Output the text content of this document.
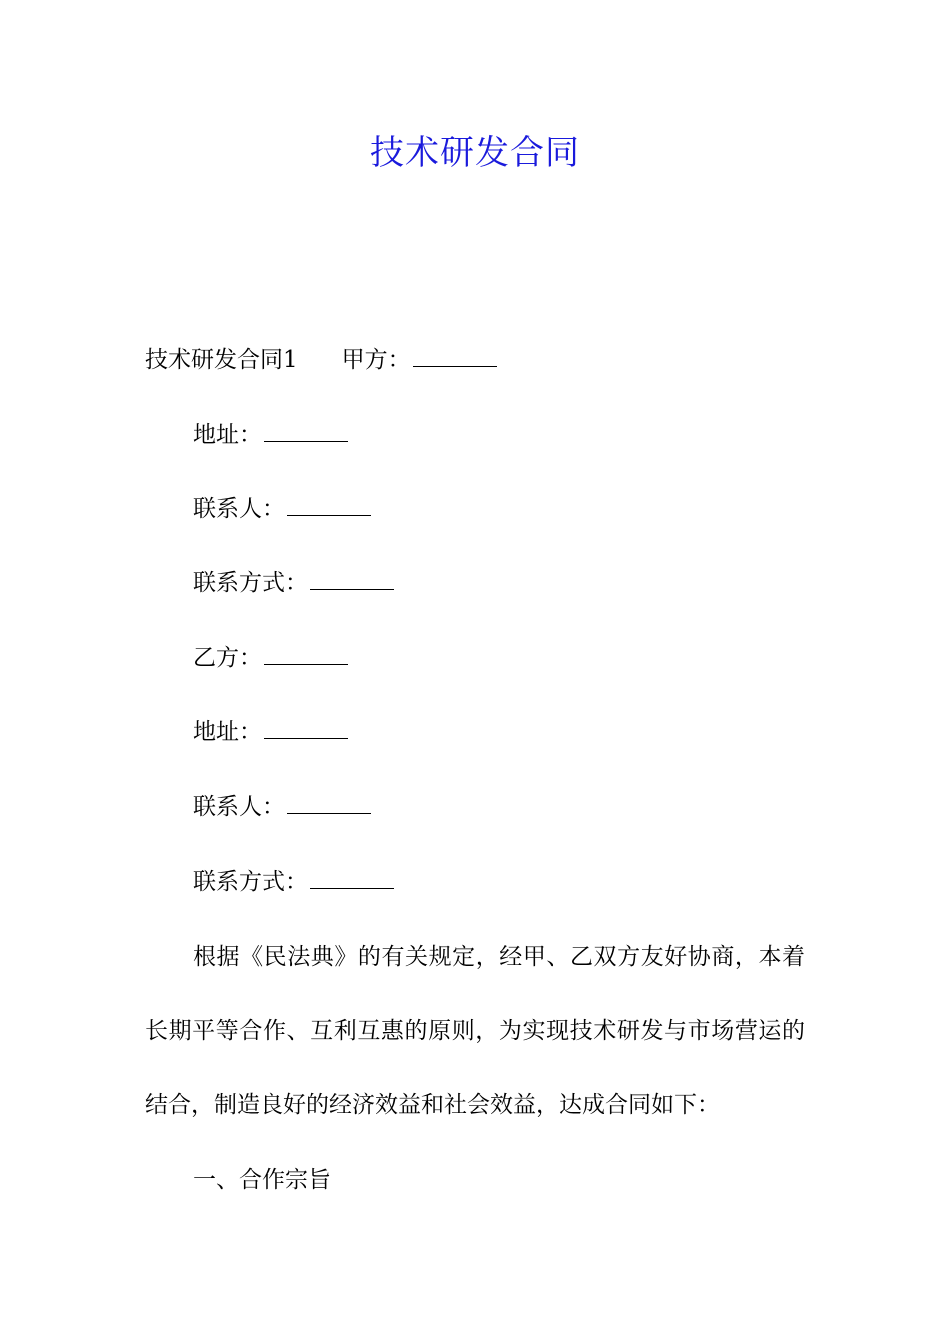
技术研发合同
技术研发合同1 甲方：
地址：
联系人：
联系方式：
乙方：
地址：
联系人：
联系方式：
根据《民法典》的有关规定，经甲、乙双方友好协商，本着长期平等合作、互利互惠的原则，为实现技术研发与市场营运的结合，制造良好的经济效益和社会效益，达成合同如下：
一、合作宗旨
